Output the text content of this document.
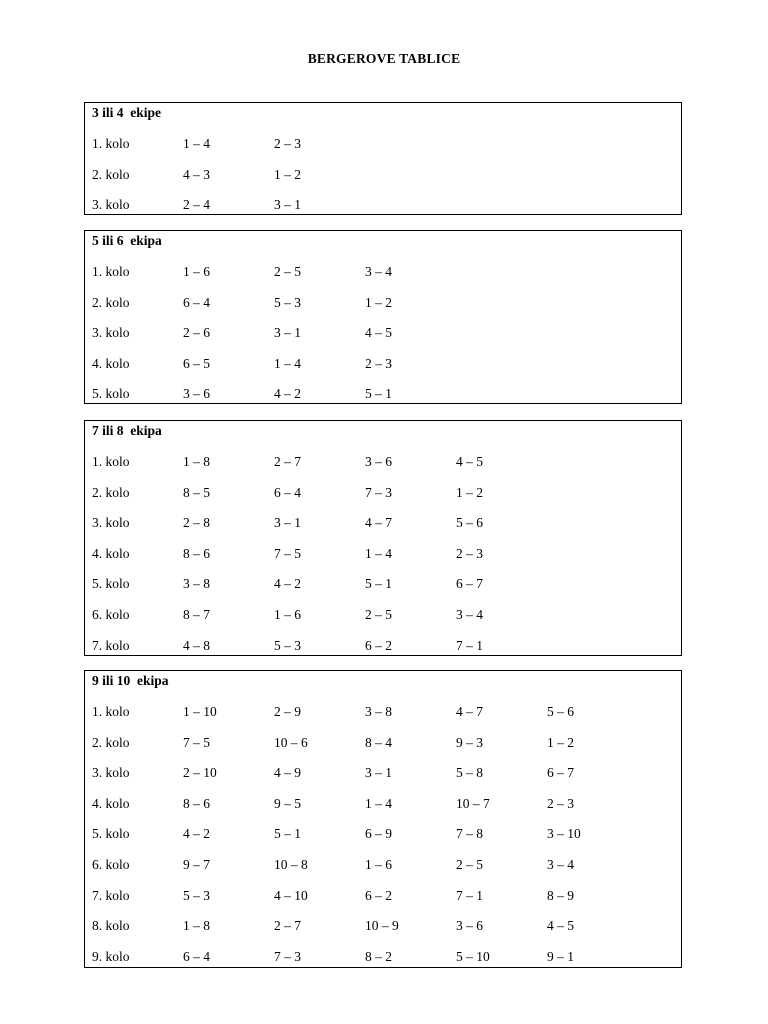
BERGEROVE TABLICE
3 ili 4  ekipe
1. kolo	1 – 4	2 – 3
2. kolo	4 – 3	1 – 2
3. kolo	2 – 4	3 – 1
5 ili 6  ekipa
1. kolo	1 – 6	2 – 5	3 – 4
2. kolo	6 – 4	5 – 3	1 – 2
3. kolo	2 – 6	3 – 1	4 – 5
4. kolo	6 – 5	1 – 4	2 – 3
5. kolo	3 – 6	4 – 2	5 – 1
7 ili 8  ekipa
1. kolo	1 – 8	2 – 7	3 – 6	4 – 5
2. kolo	8 – 5	6 – 4	7 – 3	1 – 2
3. kolo	2 – 8	3 – 1	4 – 7	5 – 6
4. kolo	8 – 6	7 – 5	1 – 4	2 – 3
5. kolo	3 – 8	4 – 2	5 – 1	6 – 7
6. kolo	8 – 7	1 – 6	2 – 5	3 – 4
7. kolo	4 – 8	5 – 3	6 – 2	7 – 1
9 ili 10  ekipa
1. kolo	1 – 10	2 – 9	3 – 8	4 – 7	5 – 6
2. kolo	7 – 5	10 – 6	8 – 4	9 – 3	1 – 2
3. kolo	2 – 10	4 – 9	3 – 1	5 – 8	6 – 7
4. kolo	8 – 6	9 – 5	1 – 4	10 – 7	2 – 3
5. kolo	4 – 2	5 – 1	6 – 9	7 – 8	3 – 10
6. kolo	9 – 7	10 – 8	1 – 6	2 – 5	3 – 4
7. kolo	5 – 3	4 – 10	6 – 2	7 – 1	8 – 9
8. kolo	1 – 8	2 – 7	10 – 9	3 – 6	4 – 5
9. kolo	6 – 4	7 – 3	8 – 2	5 – 10	9 – 1
